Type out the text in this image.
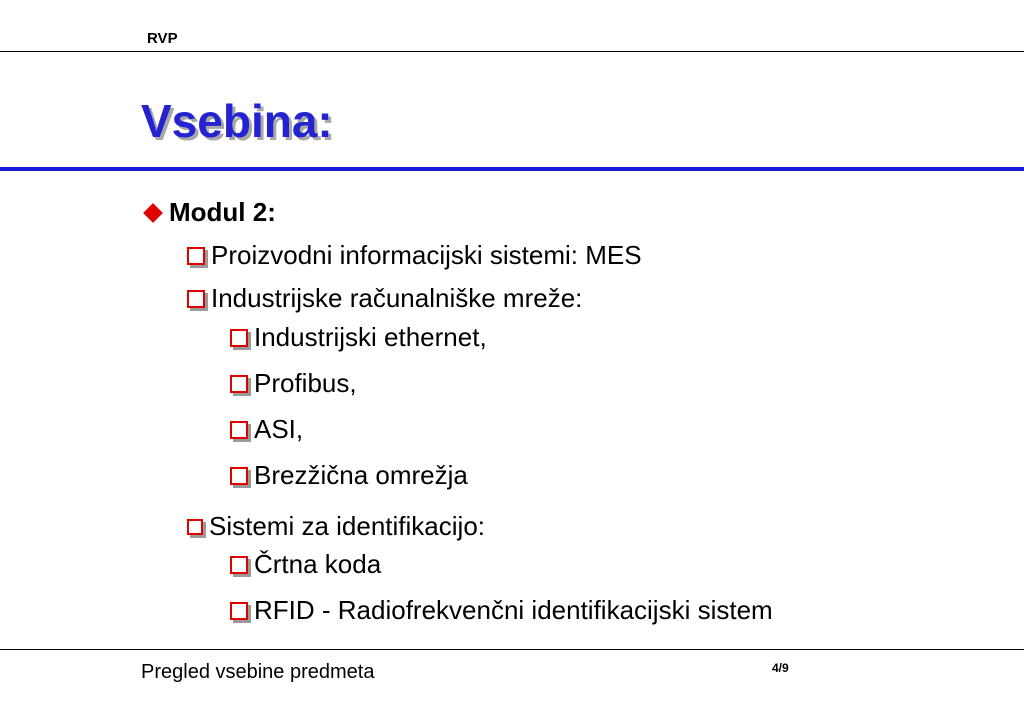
RVP
Vsebina:
Modul 2:
Proizvodni informacijski sistemi: MES
Industrijske računalniške mreže:
Industrijski ethernet,
Profibus,
ASI,
Brezžična omrežja
Sistemi za identifikacijo:
Črtna koda
RFID - Radiofrekvenčni identifikacijski sistem
Pregled vsebine predmeta	4/9
